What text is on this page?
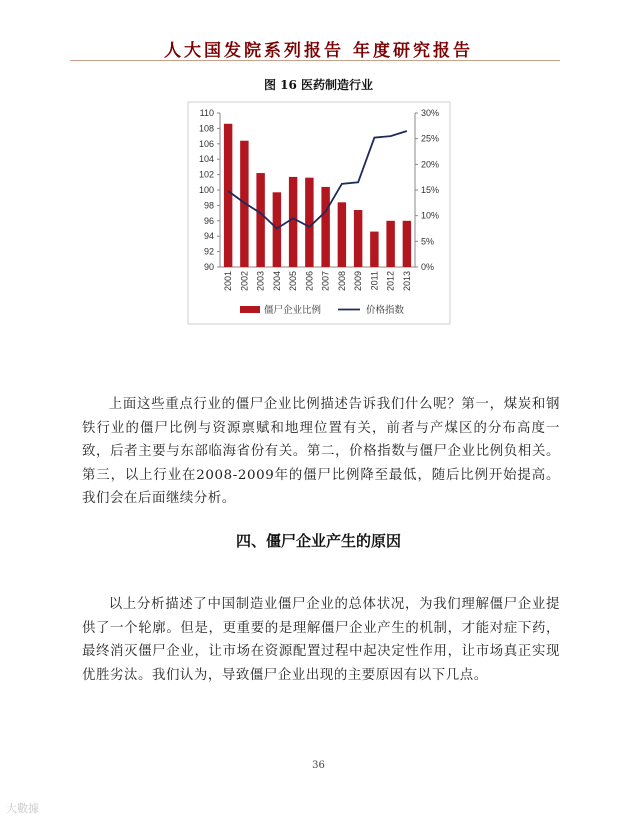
人大国发院系列报告 年度研究报告
图 16 医药制造行业
90
92
94
96
98
100
102
104
106
108
110
0%
5%
10%
15%
20%
25%
30%
2001 2002 2003 2004 2005 2006 2007 2008 2009 2011 2012 2013
僵尸企业比例	价格指数

上面这些重点行业的僵尸企业比例描述告诉我们什么呢？第一，煤炭和钢铁行业的僵尸比例与资源禀赋和地理位置有关，前者与产煤区的分布高度一致，后者主要与东部临海省份有关。第二，价格指数与僵尸企业比例负相关。第三，以上行业在2008-2009年的僵尸比例降至最低，随后比例开始提高。我们会在后面继续分析。

四、僵尸企业产生的原因

以上分析描述了中国制造业僵尸企业的总体状况，为我们理解僵尸企业提供了一个轮廓。但是，更重要的是理解僵尸企业产生的机制，才能对症下药，最终消灭僵尸企业，让市场在资源配置过程中起决定性作用，让市场真正实现优胜劣汰。我们认为，导致僵尸企业出现的主要原因有以下几点。

36
大數據
